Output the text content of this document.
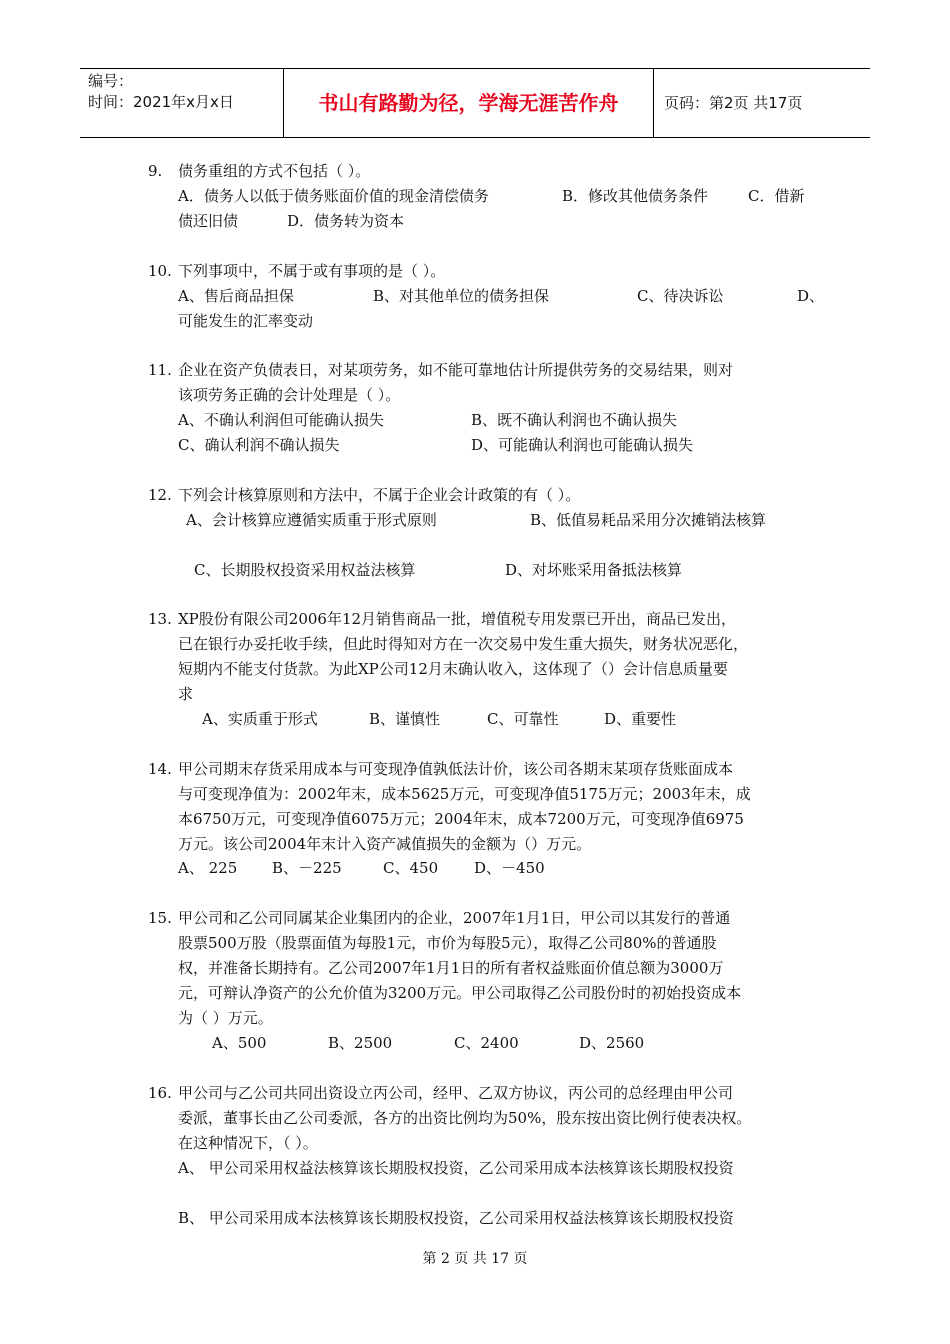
编号：
时间：2021年x月x日	书山有路勤为径，学海无涯苦作舟	页码：第2页 共17页
9. 债务重组的方式不包括（ ）。
A．债务人以低于债务账面价值的现金清偿债务	B．修改其他债务条件	C．借新
债还旧债	D．债务转为资本
10. 下列事项中，不属于或有事项的是（ ）。
A、售后商品担保	B、对其他单位的债务担保	C、待决诉讼	D、
可能发生的汇率变动
11. 企业在资产负债表日，对某项劳务，如不能可靠地估计所提供劳务的交易结果，则对
该项劳务正确的会计处理是（ ）。
A、不确认利润但可能确认损失	B、既不确认利润也不确认损失
C、确认利润不确认损失	D、可能确认利润也可能确认损失
12. 下列会计核算原则和方法中，不属于企业会计政策的有（ ）。
A、会计核算应遵循实质重于形式原则	B、低值易耗品采用分次摊销法核算
C、长期股权投资采用权益法核算	D、对坏账采用备抵法核算
13. XP股份有限公司2006年12月销售商品一批，增值税专用发票已开出，商品已发出，
已在银行办妥托收手续，但此时得知对方在一次交易中发生重大损失，财务状况恶化，
短期内不能支付货款。为此XP公司12月末确认收入，这体现了（）会计信息质量要
求
A、实质重于形式	B、谨慎性	C、可靠性	D、重要性
14. 甲公司期末存货采用成本与可变现净值孰低法计价，该公司各期末某项存货账面成本
与可变现净值为：2002年末，成本5625万元，可变现净值5175万元；2003年末，成
本6750万元，可变现净值6075万元；2004年末，成本7200万元，可变现净值6975
万元。该公司2004年末计入资产减值损失的金额为（）万元。
A、 225 B、－225	C、450 D、－450
15. 甲公司和乙公司同属某企业集团内的企业，2007年1月1日，甲公司以其发行的普通
股票500万股（股票面值为每股1元，市价为每股5元），取得乙公司80%的普通股
权，并准备长期持有。乙公司2007年1月1日的所有者权益账面价值总额为3000万
元，可辩认净资产的公允价值为3200万元。甲公司取得乙公司股份时的初始投资成本
为（ ）万元。
A、500	B、2500	C、2400	D、2560
16. 甲公司与乙公司共同出资设立丙公司，经甲、乙双方协议，丙公司的总经理由甲公司
委派，董事长由乙公司委派，各方的出资比例均为50%，股东按出资比例行使表决权。
在这种情况下，（ ）。
A、 甲公司采用权益法核算该长期股权投资，乙公司采用成本法核算该长期股权投资
B、 甲公司采用成本法核算该长期股权投资，乙公司采用权益法核算该长期股权投资
第 2 页 共 17 页
